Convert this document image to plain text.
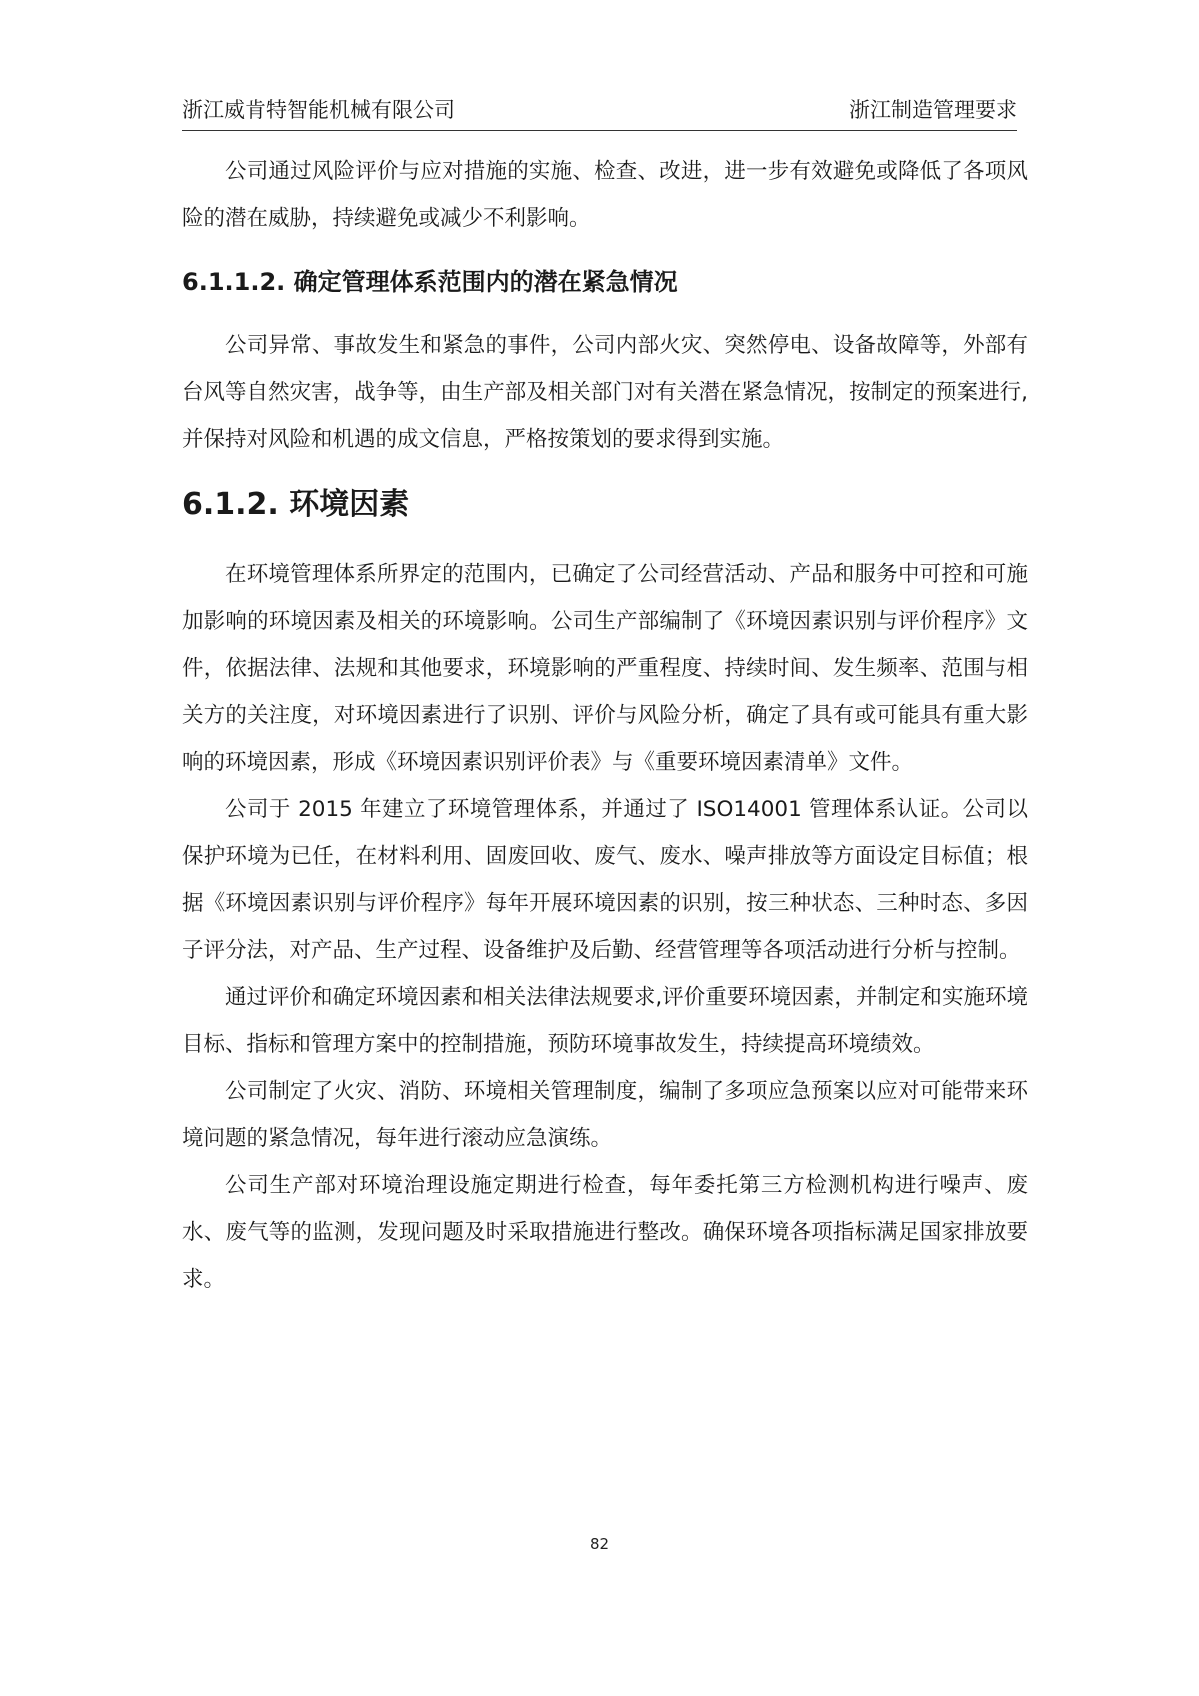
浙江威肯特智能机械有限公司	浙江制造管理要求

公司通过风险评价与应对措施的实施、检查、改进，进一步有效避免或降低了各项风险的潜在威胁，持续避免或减少不利影响。

6.1.1.2. 确定管理体系范围内的潜在紧急情况

公司异常、事故发生和紧急的事件，公司内部火灾、突然停电、设备故障等，外部有台风等自然灾害，战争等，由生产部及相关部门对有关潜在紧急情况，按制定的预案进行,并保持对风险和机遇的成文信息，严格按策划的要求得到实施。

6.1.2. 环境因素

在环境管理体系所界定的范围内，已确定了公司经营活动、产品和服务中可控和可施加影响的环境因素及相关的环境影响。公司生产部编制了《环境因素识别与评价程序》文件，依据法律、法规和其他要求，环境影响的严重程度、持续时间、发生频率、范围与相关方的关注度，对环境因素进行了识别、评价与风险分析，确定了具有或可能具有重大影响的环境因素，形成《环境因素识别评价表》与《重要环境因素清单》文件。

公司于 2015 年建立了环境管理体系，并通过了 ISO14001 管理体系认证。公司以保护环境为已任，在材料利用、固废回收、废气、废水、噪声排放等方面设定目标值；根据《环境因素识别与评价程序》每年开展环境因素的识别，按三种状态、三种时态、多因子评分法，对产品、生产过程、设备维护及后勤、经营管理等各项活动进行分析与控制。

通过评价和确定环境因素和相关法律法规要求,评价重要环境因素，并制定和实施环境目标、指标和管理方案中的控制措施，预防环境事故发生，持续提高环境绩效。

公司制定了火灾、消防、环境相关管理制度，编制了多项应急预案以应对可能带来环境问题的紧急情况，每年进行滚动应急演练。

公司生产部对环境治理设施定期进行检查，每年委托第三方检测机构进行噪声、废水、废气等的监测，发现问题及时采取措施进行整改。确保环境各项指标满足国家排放要求。

82
